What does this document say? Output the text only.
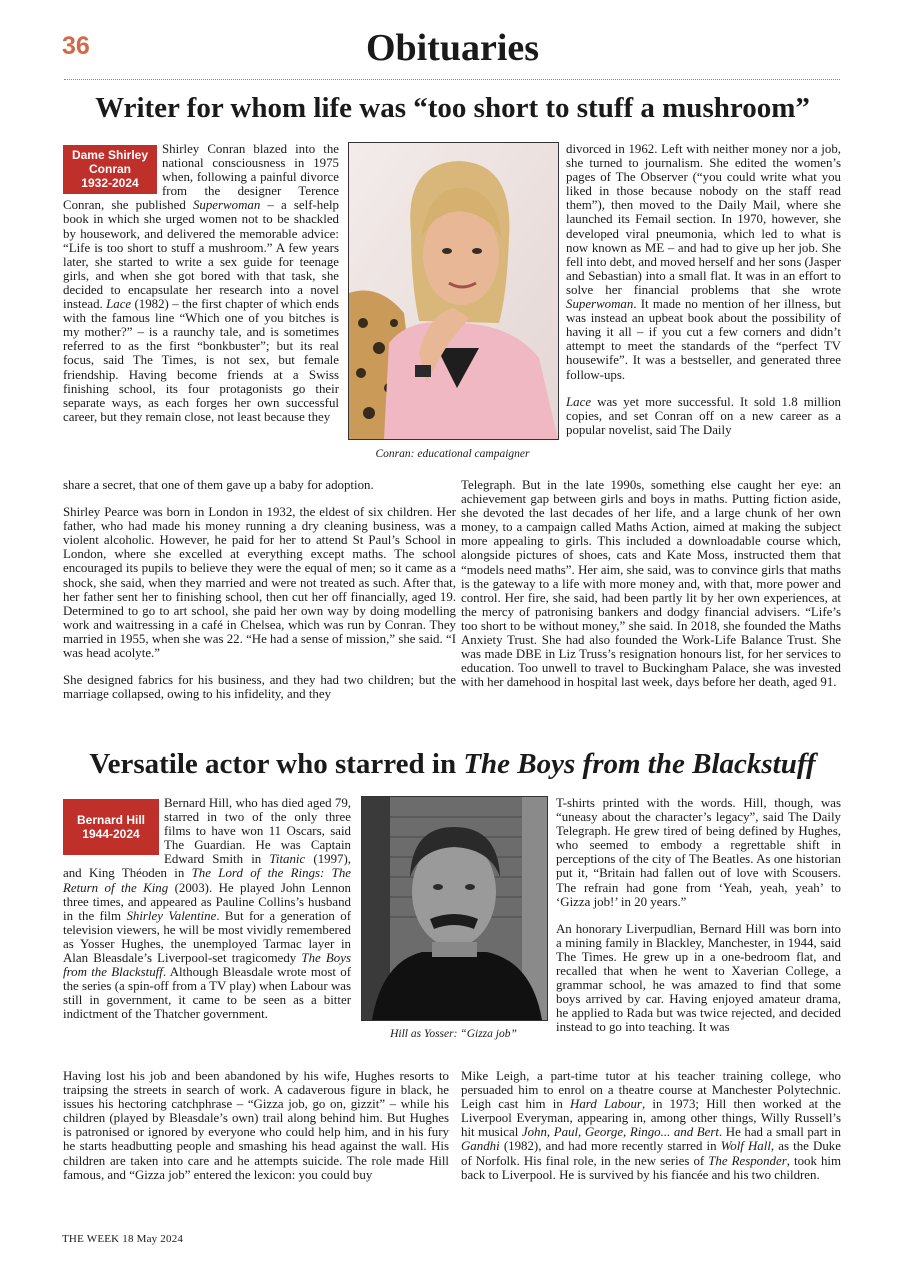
36	Obituaries
Writer for whom life was “too short to stuff a mushroom”
Dame Shirley
Conran
1932-2024

Shirley Conran blazed into the national consciousness in 1975 when, following a painful divorce from the designer Terence Conran, she published Superwoman – a self-help book in which she urged women not to be shackled by housework, and delivered the memorable advice: “Life is too short to stuff a mushroom.” A few years later, she started to write a sex guide for teenage girls, and when she got bored with that task, she decided to encapsulate her research into a novel instead. Lace (1982) – the first chapter of which ends with the famous line “Which one of you bitches is my mother?” – is a raunchy tale, and is sometimes referred to as the first “bonkbuster”; but its real focus, said The Times, is not sex, but female friendship. Having become friends at a Swiss finishing school, its four protagonists go their separate ways, as each forges her own successful career, but they remain close, not least because they

share a secret, that one of them gave up a baby for adoption.

Shirley Pearce was born in London in 1932, the eldest of six children. Her father, who had made his money running a dry cleaning business, was a violent alcoholic. However, he paid for her to attend St Paul’s School in London, where she excelled at everything except maths. The school encouraged its pupils to believe they were the equal of men; so it came as a shock, she said, when they married and were not treated as such. After that, her father sent her to finishing school, then cut her off financially, aged 19. Determined to go to art school, she paid her own way by doing modelling work and waitressing in a café in Chelsea, which was run by Conran. They married in 1955, when she was 22. “He had a sense of mission,” she said. “I was head acolyte.”

She designed fabrics for his business, and they had two children; but the marriage collapsed, owing to his infidelity, and they

Conran: educational campaigner

divorced in 1962. Left with neither money nor a job, she turned to journalism. She edited the women’s pages of The Observer (“you could write what you liked in those because nobody on the staff read them”), then moved to the Daily Mail, where she launched its Femail section. In 1970, however, she developed viral pneumonia, which led to what is now known as ME – and had to give up her job. She fell into debt, and moved herself and her sons (Jasper and Sebastian) into a small flat. It was in an effort to solve her financial problems that she wrote Superwoman. It made no mention of her illness, but was instead an upbeat book about the possibility of having it all – if you cut a few corners and didn’t attempt to meet the standards of the “perfect TV housewife”. It was a bestseller, and generated three follow-ups.

Lace was yet more successful. It sold 1.8 million copies, and set Conran off on a new career as a popular novelist, said The Daily

Telegraph. But in the late 1990s, something else caught her eye: an achievement gap between girls and boys in maths. Putting fiction aside, she devoted the last decades of her life, and a large chunk of her own money, to a campaign called Maths Action, aimed at making the subject more appealing to girls. This included a downloadable course which, alongside pictures of shoes, cats and Kate Moss, instructed them that “models need maths”. Her aim, she said, was to convince girls that maths is the gateway to a life with more money and, with that, more power and control. Her fire, she said, had been partly lit by her own experiences, at the mercy of patronising bankers and dodgy financial advisers. “Life’s too short to be without money,” she said. In 2018, she founded the Maths Anxiety Trust. She had also founded the Work-Life Balance Trust. She was made DBE in Liz Truss’s resignation honours list, for her services to education. Too unwell to travel to Buckingham Palace, she was invested with her damehood in hospital last week, days before her death, aged 91.

Versatile actor who starred in The Boys from the Blackstuff
Bernard Hill
1944-2024

Bernard Hill, who has died aged 79, starred in two of the only three films to have won 11 Oscars, said The Guardian. He was Captain Edward Smith in Titanic (1997), and King Théoden in The Lord of the Rings: The Return of the King (2003). He played John Lennon three times, and appeared as Pauline Collins’s husband in the film Shirley Valentine. But for a generation of television viewers, he will be most vividly remembered as Yosser Hughes, the unemployed Tarmac layer in Alan Bleasdale’s Liverpool-set tragicomedy The Boys from the Blackstuff. Although Bleasdale wrote most of the series (a spin-off from a TV play) when Labour was still in government, it came to be seen as a bitter indictment of the Thatcher government.

Having lost his job and been abandoned by his wife, Hughes resorts to traipsing the streets in search of work. A cadaverous figure in black, he issues his hectoring catchphrase – “Gizza job, go on, gizzit” – while his children (played by Bleasdale’s own) trail along behind him. But Hughes is patronised or ignored by everyone who could help him, and in his fury he starts headbutting people and smashing his head against the wall. His children are taken into care and he attempts suicide. The role made Hill famous, and “Gizza job” entered the lexicon: you could buy

Hill as Yosser: “Gizza job”

T-shirts printed with the words. Hill, though, was “uneasy about the character’s legacy”, said The Daily Telegraph. He grew tired of being defined by Hughes, who seemed to embody a regrettable shift in perceptions of the city of The Beatles. As one historian put it, “Britain had fallen out of love with Scousers. The refrain had gone from ‘Yeah, yeah, yeah’ to ‘Gizza job!’ in 20 years.”

An honorary Liverpudlian, Bernard Hill was born into a mining family in Blackley, Manchester, in 1944, said The Times. He grew up in a one-bedroom flat, and recalled that when he went to Xaverian College, a grammar school, he was amazed to find that some boys arrived by car. Having enjoyed amateur drama, he applied to Rada but was twice rejected, and decided instead to go into teaching. It was

Mike Leigh, a part-time tutor at his teacher training college, who persuaded him to enrol on a theatre course at Manchester Polytechnic. Leigh cast him in Hard Labour, in 1973; Hill then worked at the Liverpool Everyman, appearing in, among other things, Willy Russell’s hit musical John, Paul, George, Ringo... and Bert. He had a small part in Gandhi (1982), and had more recently starred in Wolf Hall, as the Duke of Norfolk. His final role, in the new series of The Responder, took him back to Liverpool. He is survived by his fiancée and his two children.

THE WEEK 18 May 2024
